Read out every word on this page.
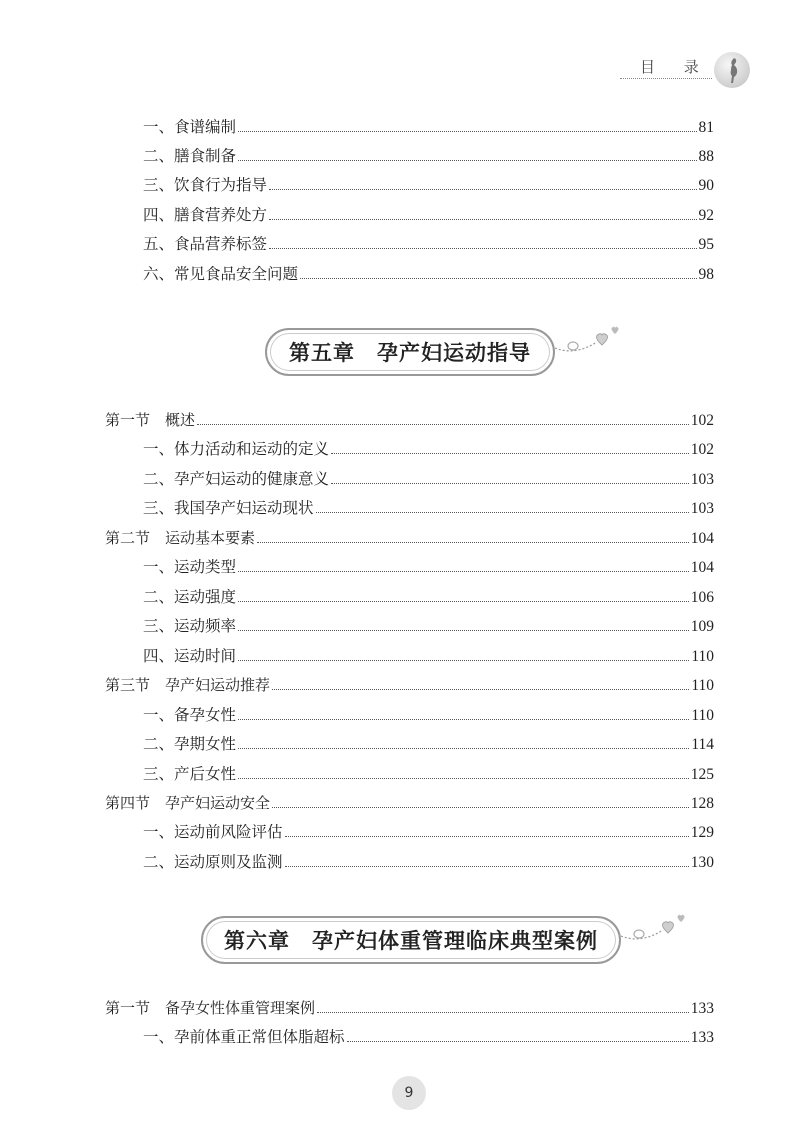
目 录
一、食谱编制	81
二、膳食制备	88
三、饮食行为指导	90
四、膳食营养处方	92
五、食品营养标签	95
六、常见食品安全问题	98
第五章　孕产妇运动指导
第一节　概述	102
一、体力活动和运动的定义	102
二、孕产妇运动的健康意义	103
三、我国孕产妇运动现状	103
第二节　运动基本要素	104
一、运动类型	104
二、运动强度	106
三、运动频率	109
四、运动时间	110
第三节　孕产妇运动推荐	110
一、备孕女性	110
二、孕期女性	114
三、产后女性	125
第四节　孕产妇运动安全	128
一、运动前风险评估	129
二、运动原则及监测	130
第六章　孕产妇体重管理临床典型案例
第一节　备孕女性体重管理案例	133
一、孕前体重正常但体脂超标	133
9
